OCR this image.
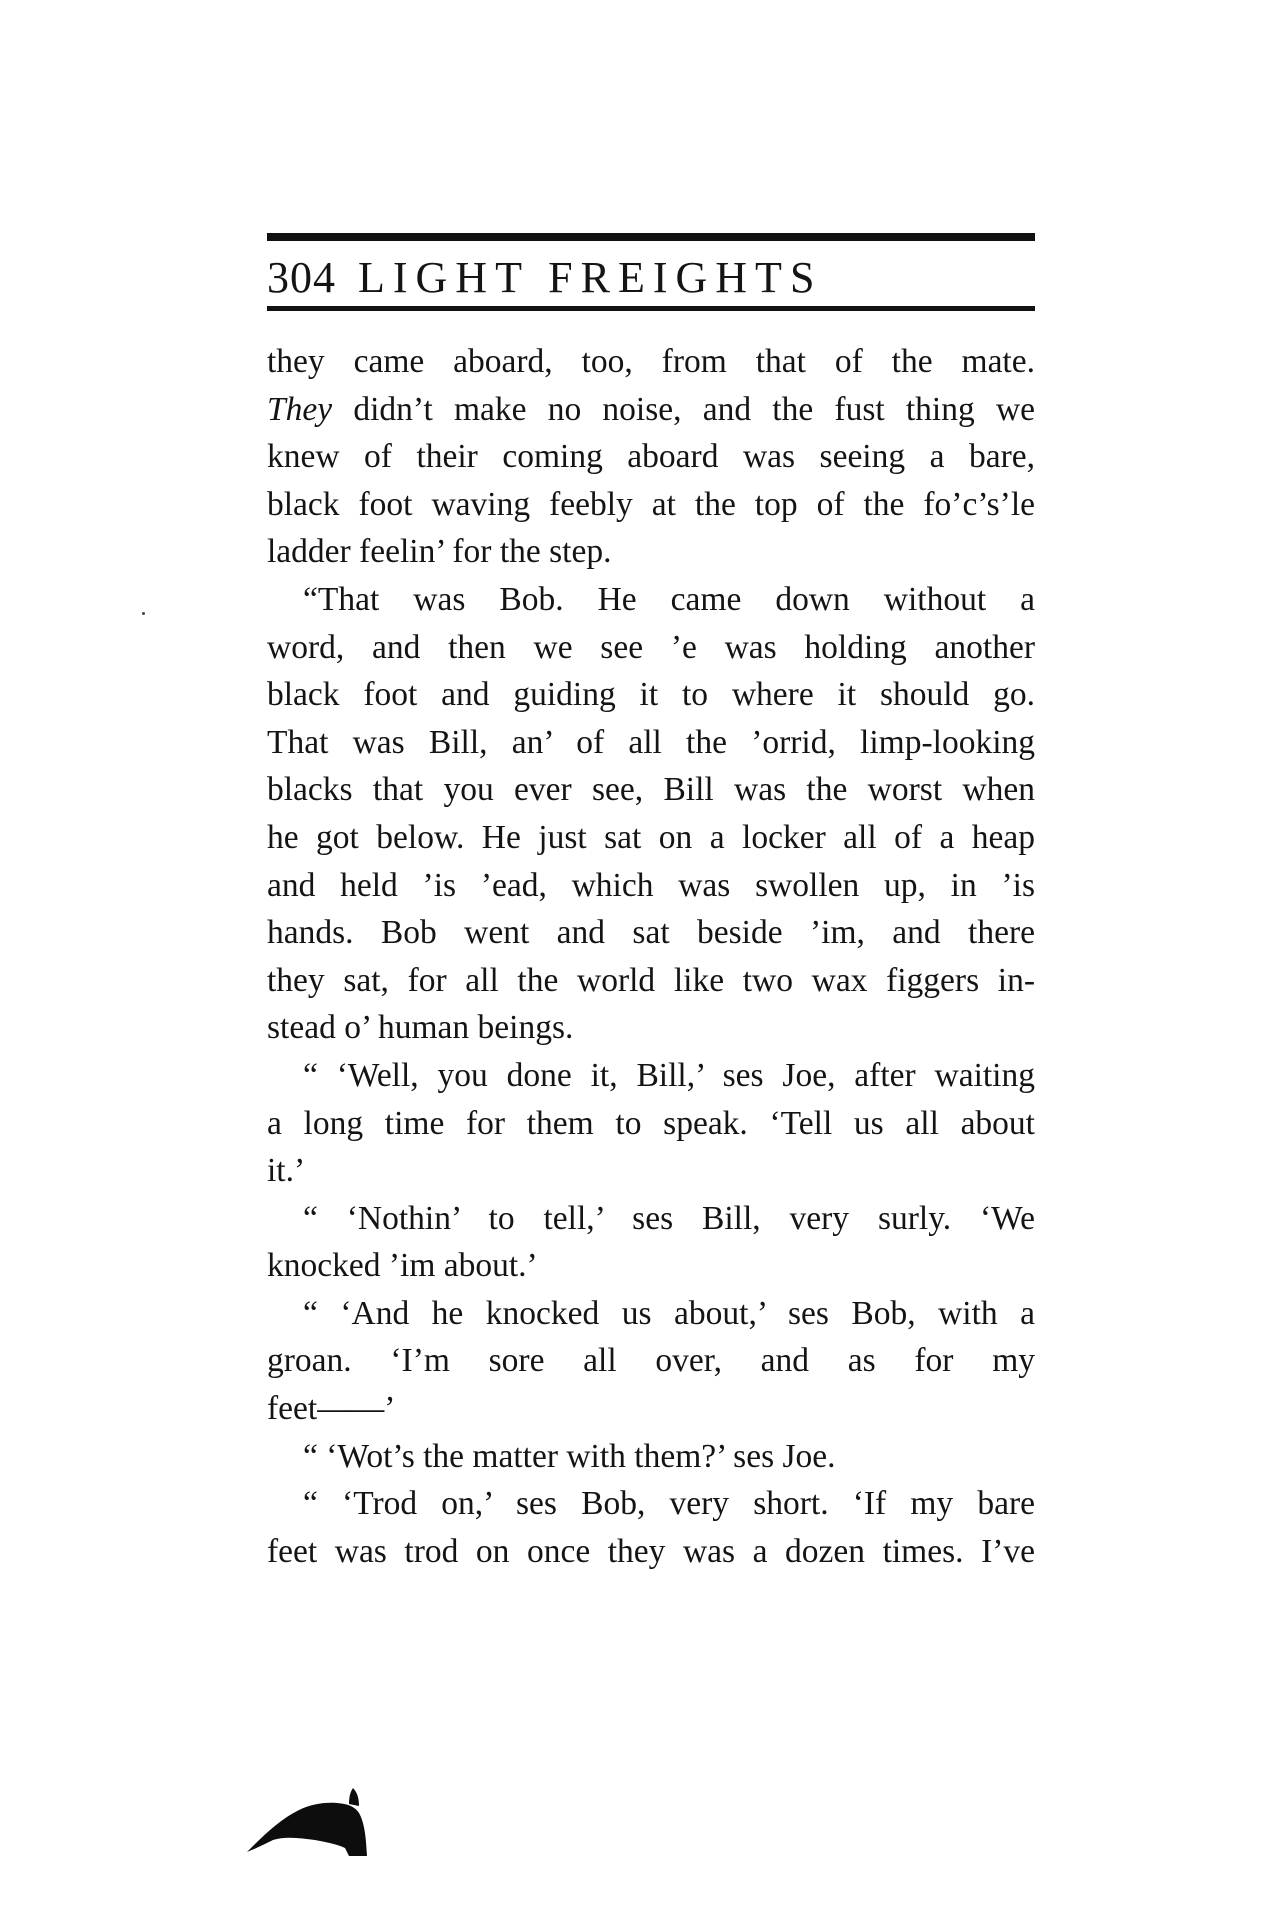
304 LIGHT FREIGHTS
they came aboard, too, from that of the mate.
They didn’t make no noise, and the fust thing we
knew of their coming aboard was seeing a bare,
black foot waving feebly at the top of the fo’c’s’le
ladder feelin’ for the step.
“That was Bob. He came down without a
word, and then we see ’e was holding another
black foot and guiding it to where it should go.
That was Bill, an’ of all the ’orrid, limp-looking
blacks that you ever see, Bill was the worst when
he got below. He just sat on a locker all of a heap
and held ’is ’ead, which was swollen up, in ’is
hands. Bob went and sat beside ’im, and there
they sat, for all the world like two wax figgers in-
stead o’ human beings.
“ ‘Well, you done it, Bill,’ ses Joe, after waiting
a long time for them to speak. ‘Tell us all about
it.’
“ ‘Nothin’ to tell,’ ses Bill, very surly. ‘We
knocked ’im about.’
“ ‘And he knocked us about,’ ses Bob, with a
groan. ‘I’m sore all over, and as for my
feet——’
“ ‘Wot’s the matter with them?’ ses Joe.
“ ‘Trod on,’ ses Bob, very short. ‘If my bare
feet was trod on once they was a dozen times. I’ve
